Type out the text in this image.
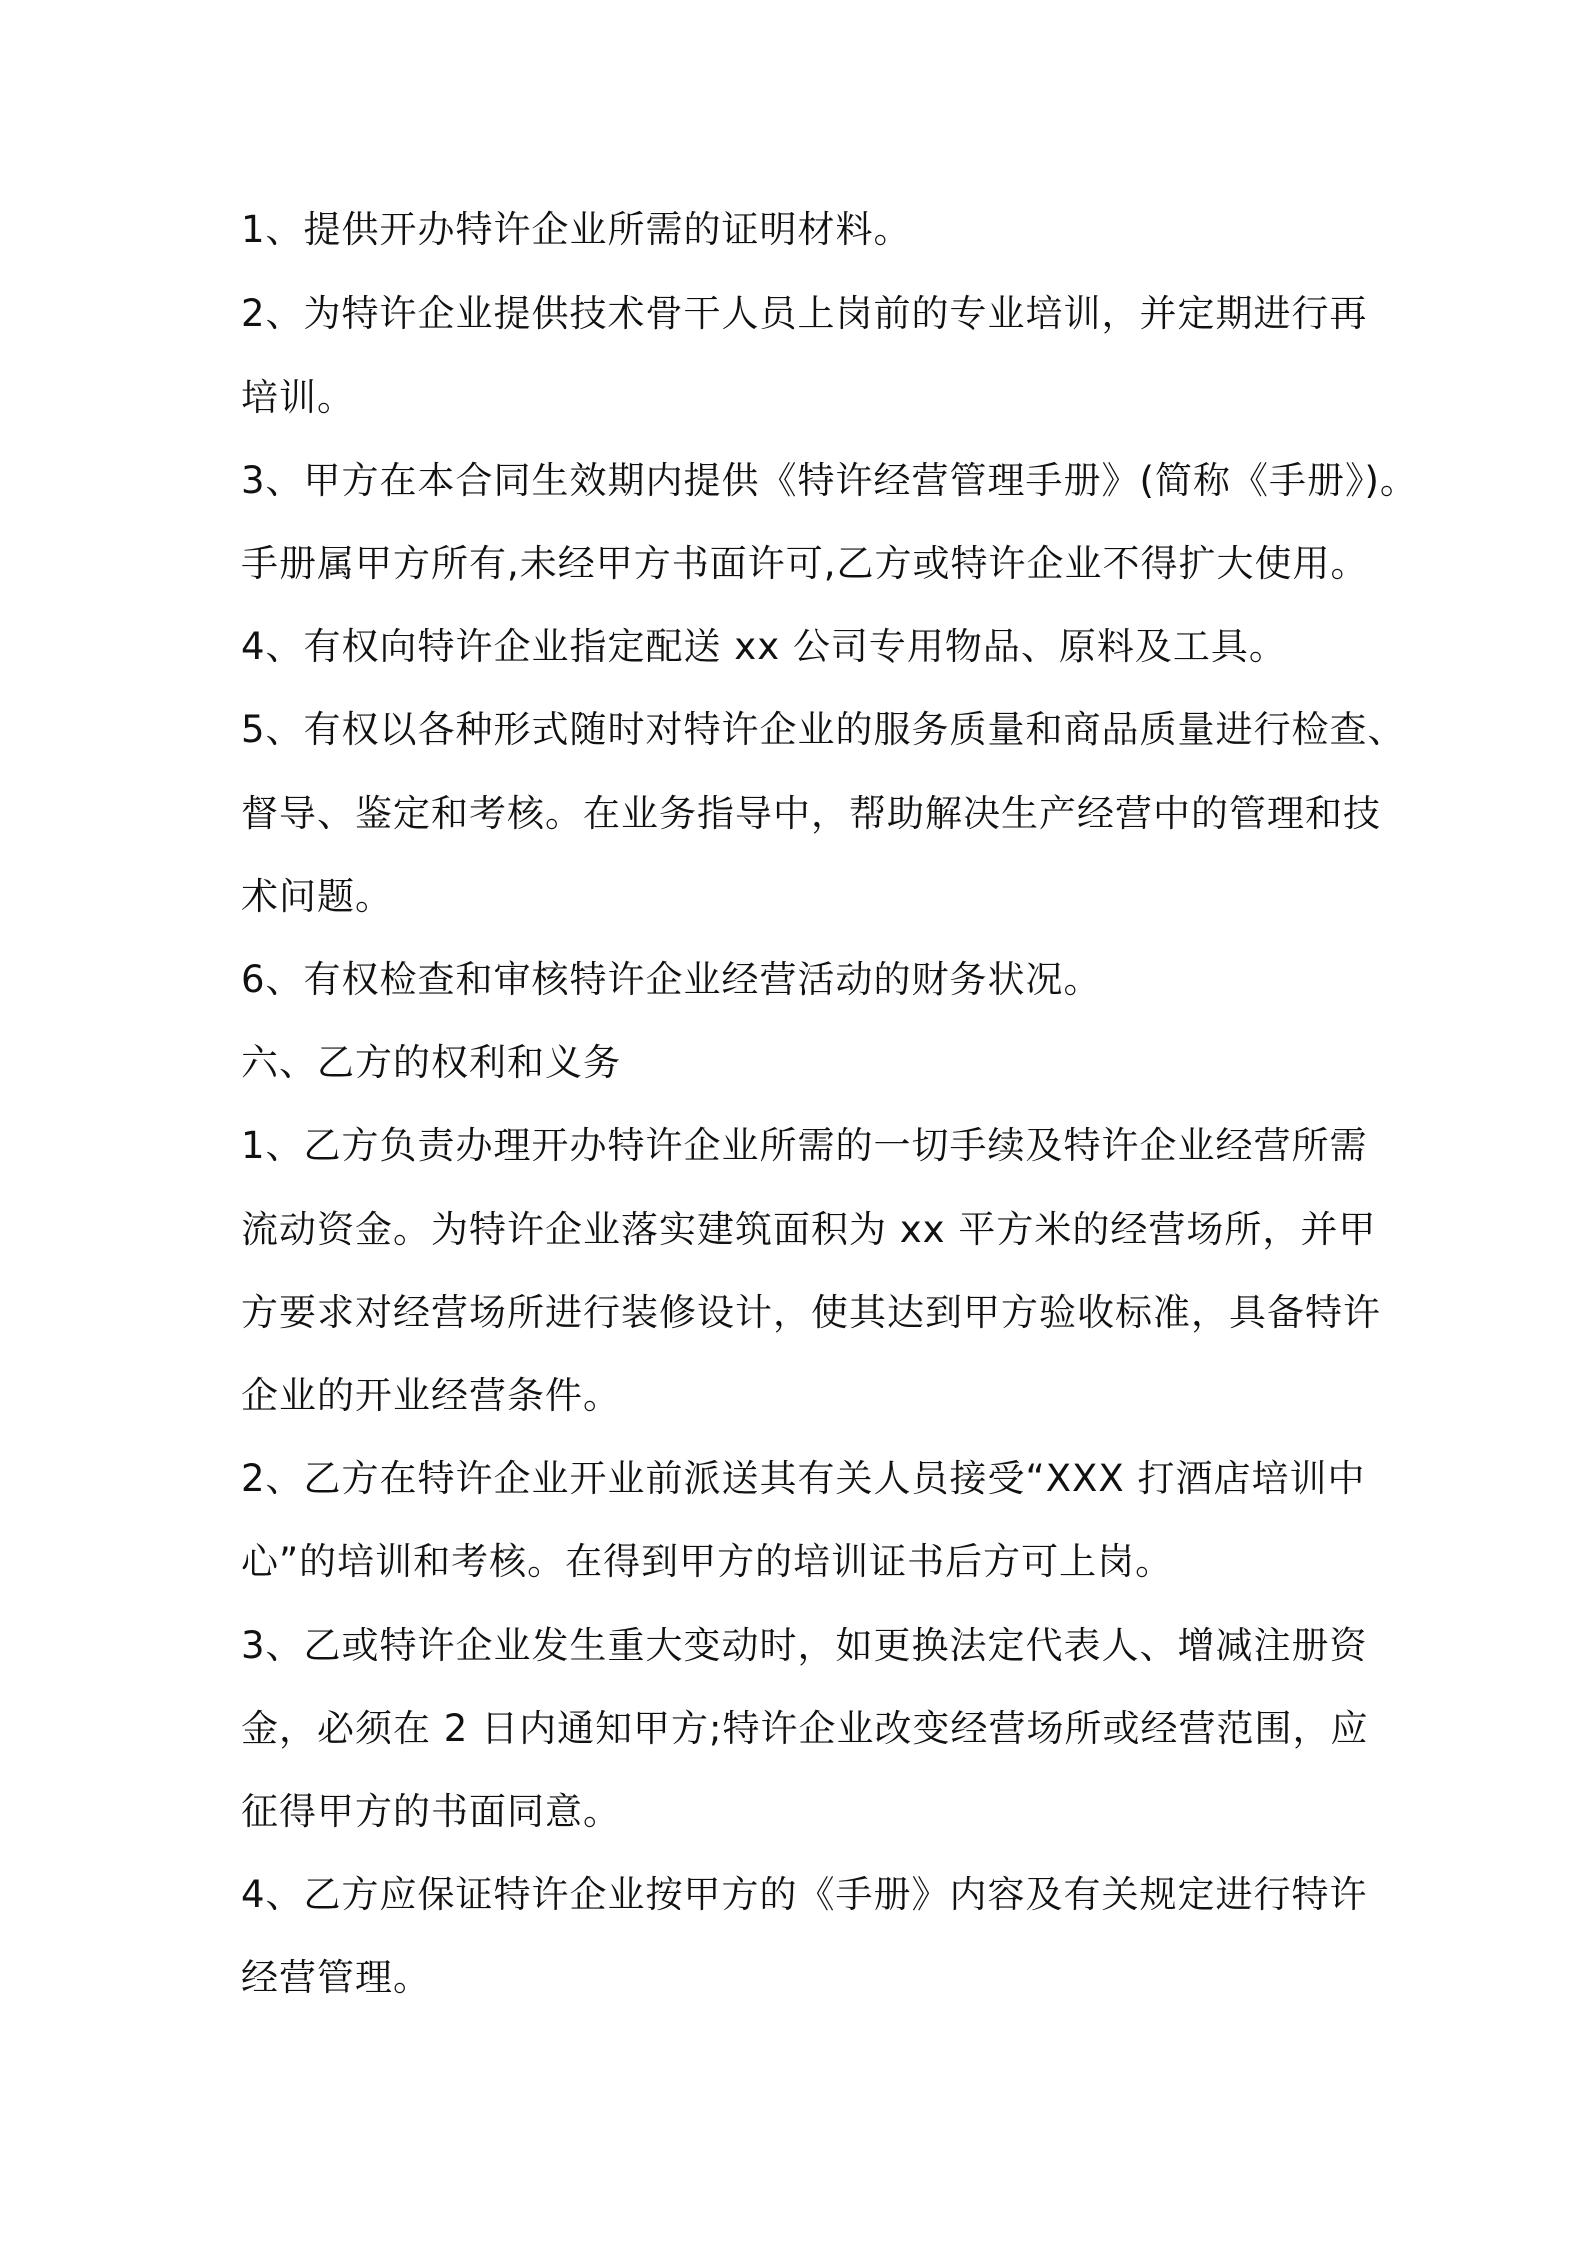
1、提供开办特许企业所需的证明材料。
2、为特许企业提供技术骨干人员上岗前的专业培训，并定期进行再
培训。
3、甲方在本合同生效期内提供《特许经营管理手册》(简称《手册》)。
手册属甲方所有,未经甲方书面许可,乙方或特许企业不得扩大使用。
4、有权向特许企业指定配送 xx 公司专用物品、原料及工具。
5、有权以各种形式随时对特许企业的服务质量和商品质量进行检查、
督导、鉴定和考核。在业务指导中，帮助解决生产经营中的管理和技
术问题。
6、有权检查和审核特许企业经营活动的财务状况。
六、乙方的权利和义务
1、乙方负责办理开办特许企业所需的一切手续及特许企业经营所需
流动资金。为特许企业落实建筑面积为 xx 平方米的经营场所，并甲
方要求对经营场所进行装修设计，使其达到甲方验收标准，具备特许
企业的开业经营条件。
2、乙方在特许企业开业前派送其有关人员接受“XXX 打酒店培训中
心”的培训和考核。在得到甲方的培训证书后方可上岗。
3、乙或特许企业发生重大变动时，如更换法定代表人、增减注册资
金，必须在 2 日内通知甲方;特许企业改变经营场所或经营范围，应
征得甲方的书面同意。
4、乙方应保证特许企业按甲方的《手册》内容及有关规定进行特许
经营管理。
